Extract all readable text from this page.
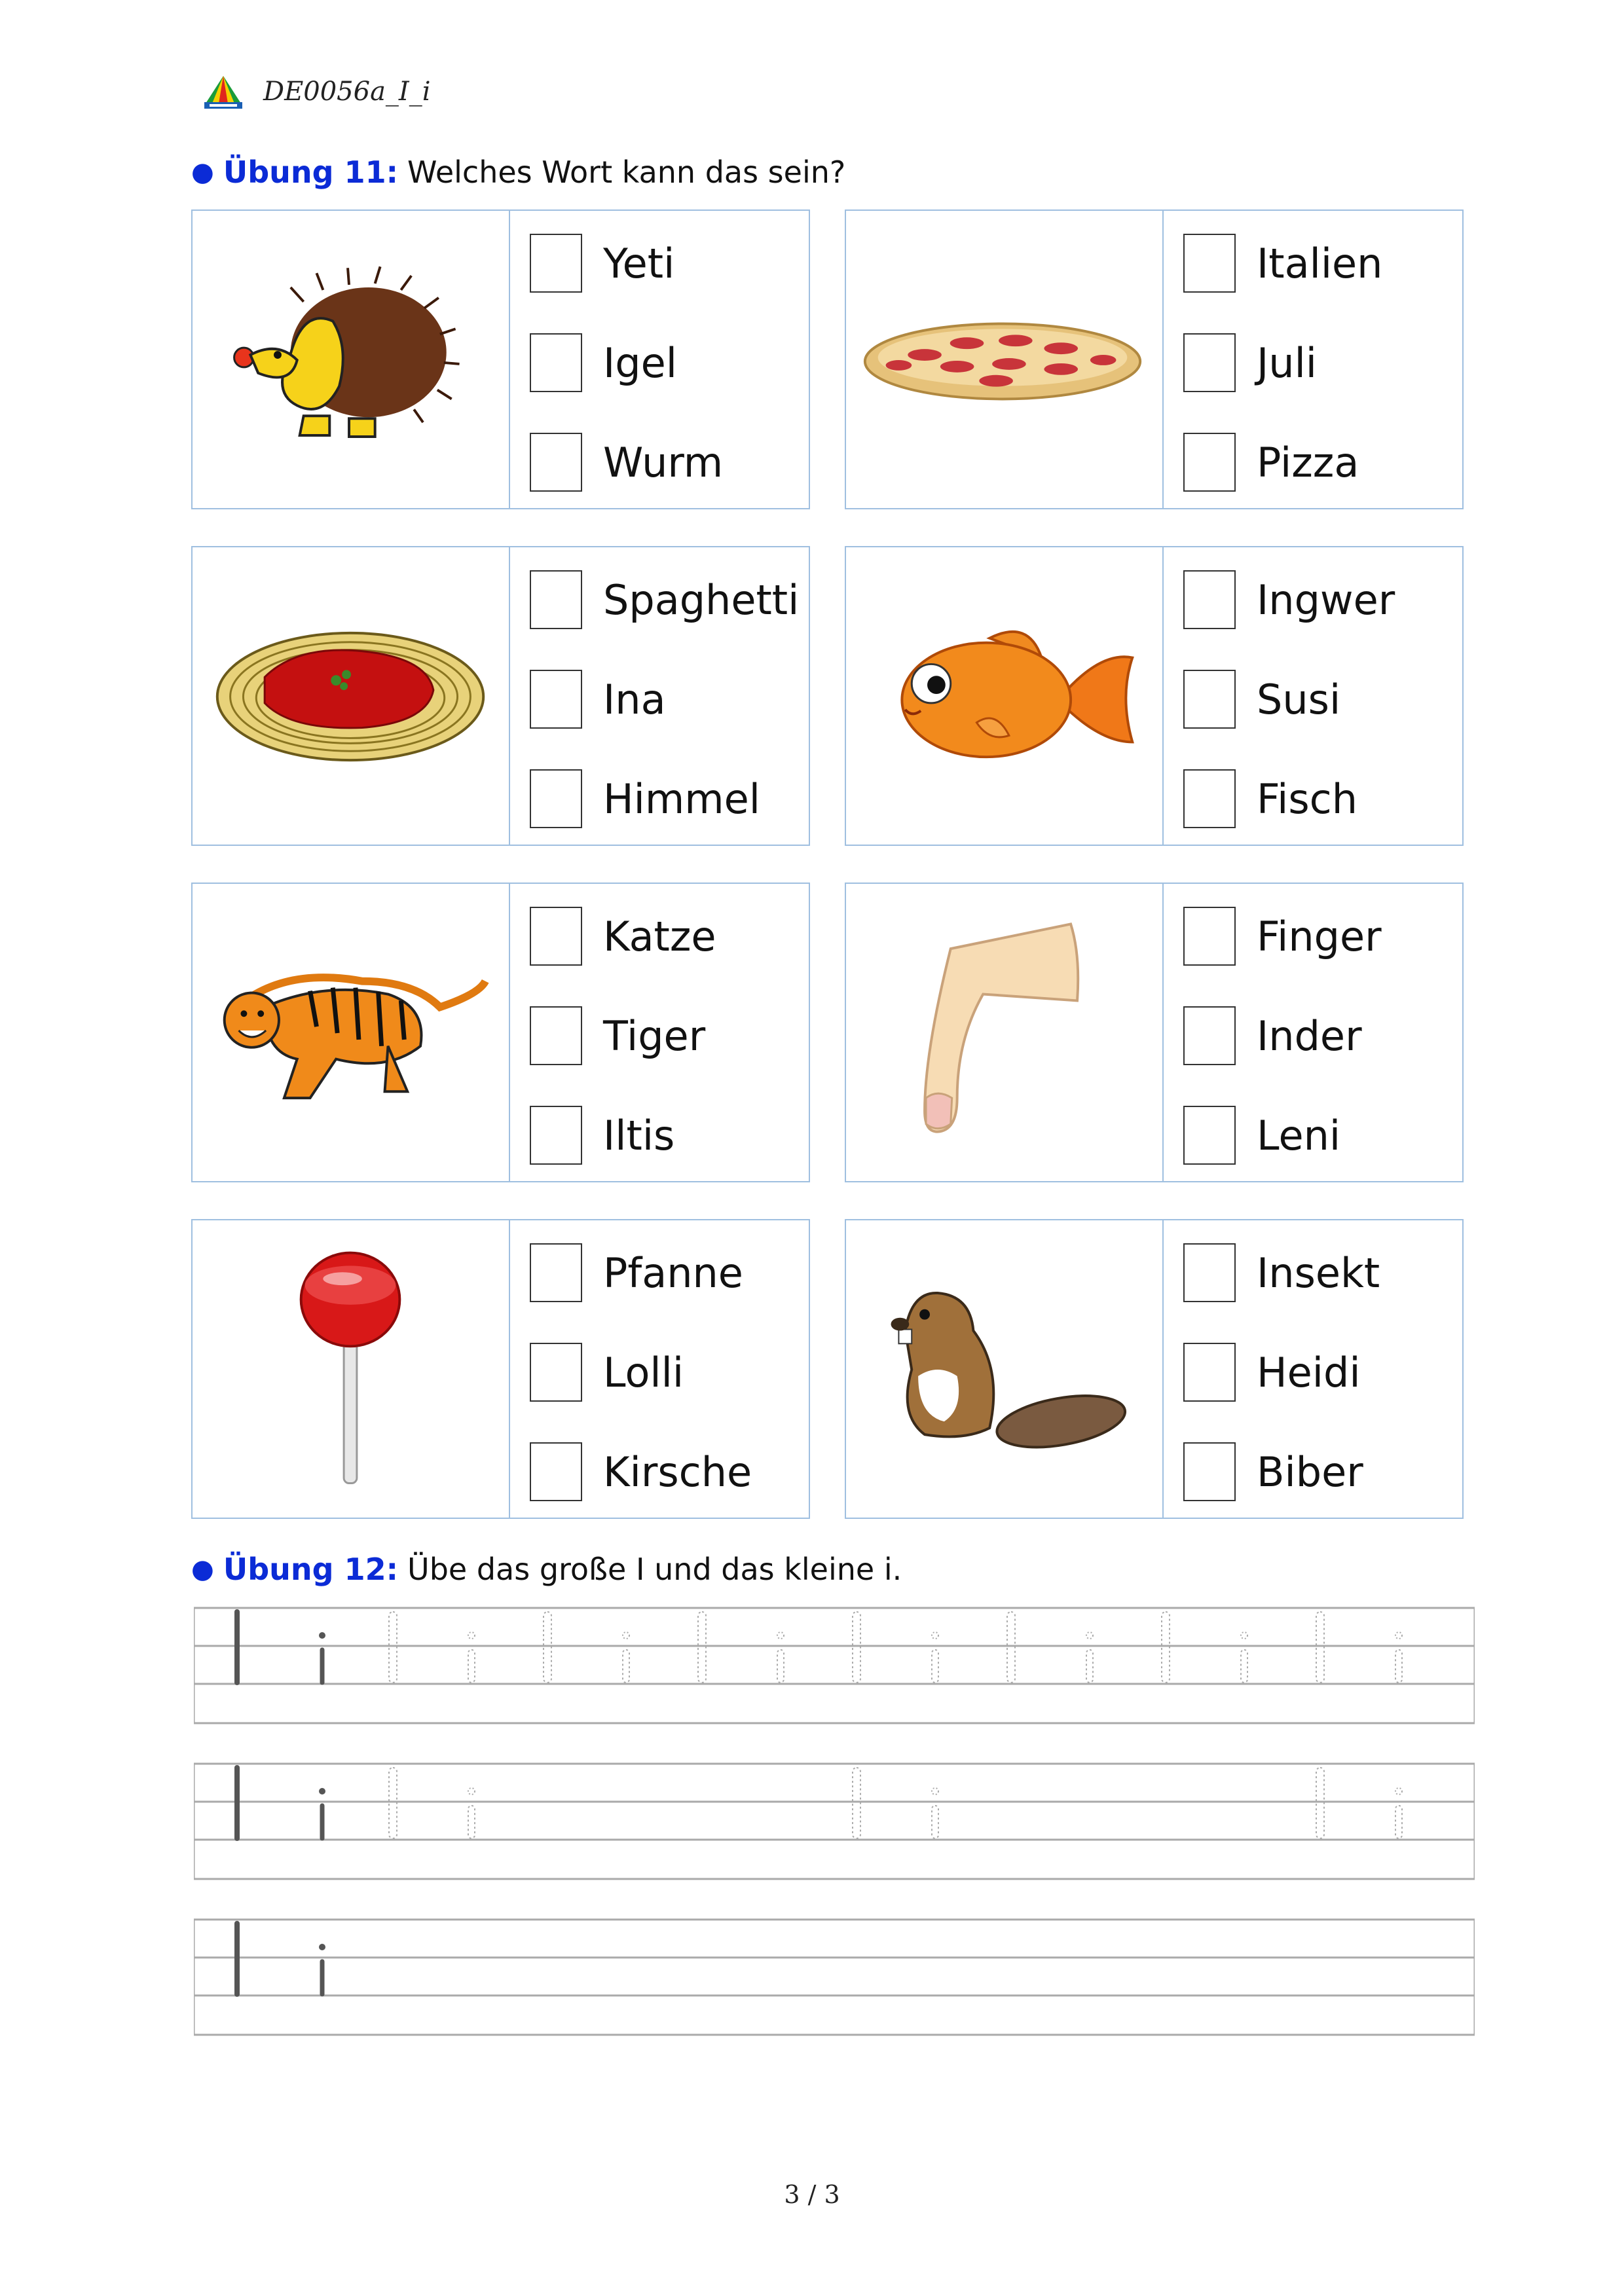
DE0056a_I_i
● Übung 11: Welches Wort kann das sein?
Yeti
Igel
Wurm
Italien
Juli
Pizza
Spaghetti
Ina
Himmel
Ingwer
Susi
Fisch
Katze
Tiger
Iltis
Finger
Inder
Leni
Pfanne
Lolli
Kirsche
Insekt
Heidi
Biber
● Übung 12: Übe das große I und das kleine i.
3 / 3
